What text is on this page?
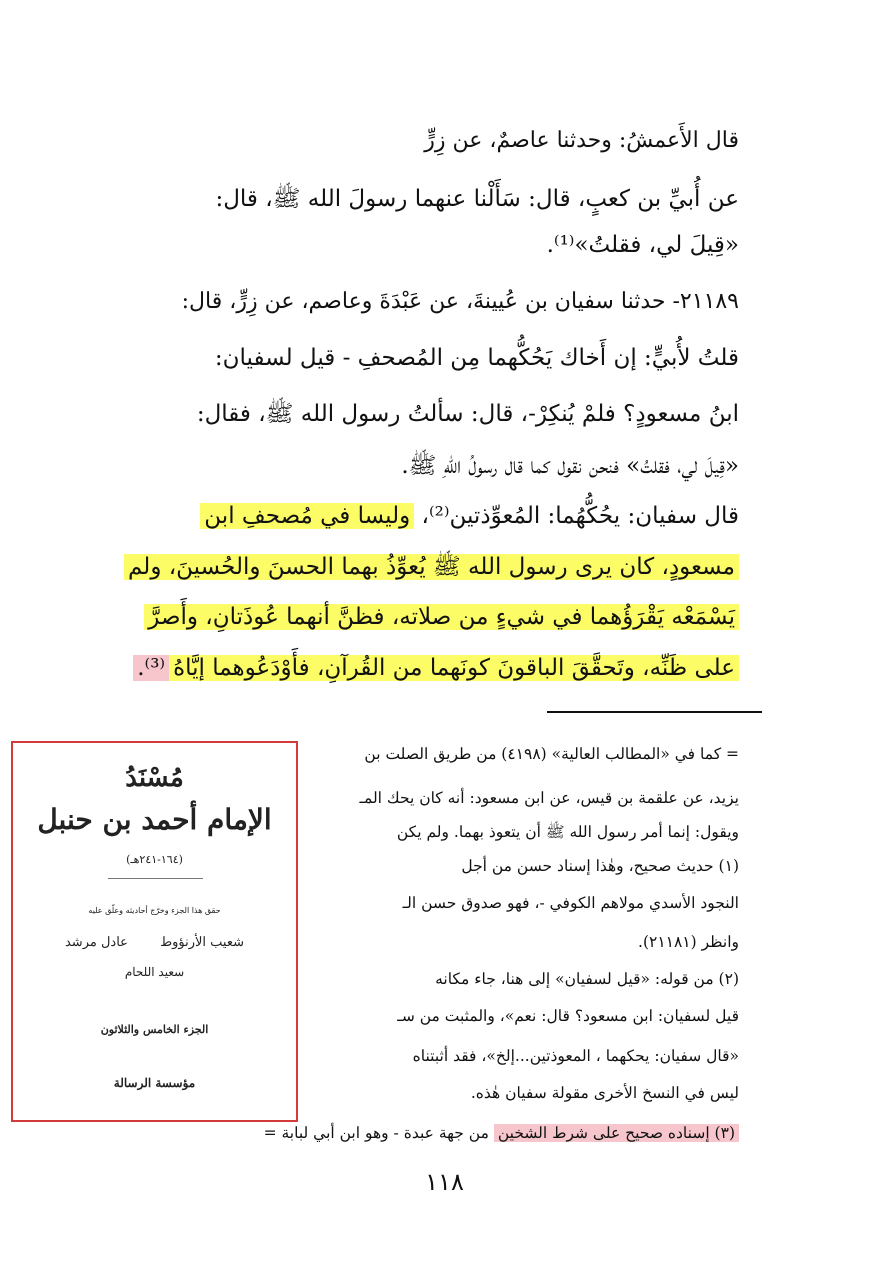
قال الأَعمشُ: وحدثنا عاصمٌ، عن زِرٍّ
عن أُبيِّ بن كعبٍ، قال: سَأَلْنا عنهما رسولَ الله ﷺ، قال:
«قِيلَ لي، فقلتُ»⁽¹⁾.
٢١١٨٩- حدثنا سفيان بن عُيينةَ، عن عَبْدَةَ وعاصم، عن زِرٍّ، قال:
قلتُ لأُبيٍّ: إن أَخاك يَحُكُّهما مِن المُصحفِ - قيل لسفيان:
ابنُ مسعودٍ؟ فلمْ يُنكِرْ-، قال: سألتُ رسول الله ﷺ، فقال:
«قِيلَ لي، فقلتُ» فنحن نقول كما قال رسولُ اللهِ ﷺ.
قال سفيان: يحُكُّهُما: المُعوِّذتين⁽²⁾، وليسا في مُصحفِ ابن
مسعودٍ، كان يرى رسول الله ﷺ يُعوِّذُ بهما الحسنَ والحُسينَ، ولم
يَسْمَعْه يَقْرَؤُهما في شيءٍ من صلاته، فظنَّ أنهما عُوذَتانِ، وأَصرَّ
على ظَنِّه، وتَحقَّقَ الباقونَ كونَهما من القُرآنِ، فأَوْدَعُوهما إيَّاهُ⁽³⁾.
= كما في «المطالب العالية» (٤١٩٨) من طريق الصلت بن
يزيد، عن علقمة بن قيس، عن ابن مسعود: أنه كان يحك المـ
ويقول: إنما أمر رسول الله ﷺ أن يتعوذ بهما. ولم يكن
(١) حديث صحيح، وهٰذا إسناد حسن من أجل
النجود الأسدي مولاهم الكوفي -، فهو صدوق حسن الـ
وانظر (٢١١٨١).
(٢) من قوله: «قيل لسفيان» إلى هنا، جاء مكانه
قيل لسفيان: ابن مسعود؟ قال: نعم»، والمثبت من سـ
«قال سفيان: يحكهما ، المعوذتين...إلخ»، فقد أثبتناه
ليس في النسخ الأخرى مقولة سفيان هٰذه.
(٣) إسناده صحيح على شرط الشخين من جهة عبدة - وهو ابن أبي لبابة =
١١٨
مُسْنَدُ
الإمام أحمد بن حنبل
(١٦٤-٢٤١هـ)
حقق هذا الجزء وخرّج أحاديثه وعلّق عليه
شعيب الأرنؤوط عادل مرشد
سعيد اللحام
الجزء الخامس والثلاثون
مؤسسة الرسالة
